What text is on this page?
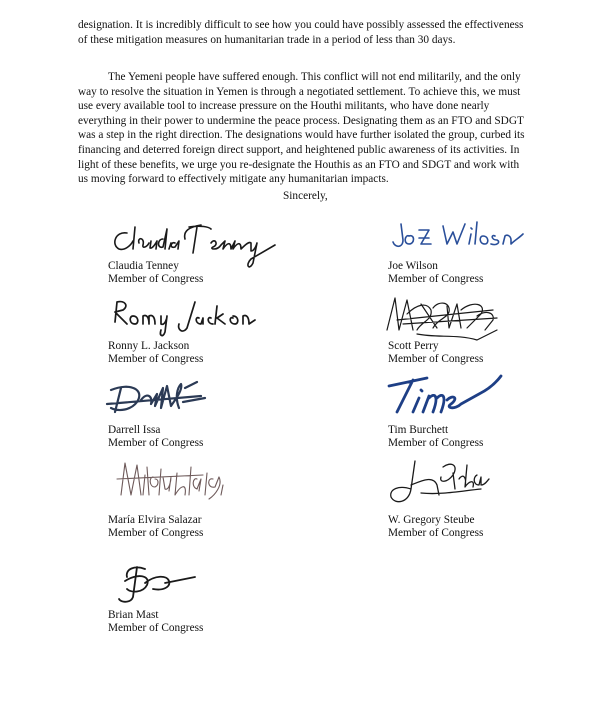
designation. It is incredibly difficult to see how you could have possibly assessed the effectiveness of these mitigation measures on humanitarian trade in a period of less than 30 days.

The Yemeni people have suffered enough. This conflict will not end militarily, and the only way to resolve the situation in Yemen is through a negotiated settlement. To achieve this, we must use every available tool to increase pressure on the Houthi militants, who have done nearly everything in their power to undermine the peace process. Designating them as an FTO and SDGT was a step in the right direction. The designations would have further isolated the group, curbed its financing and deterred foreign direct support, and heightened public awareness of its activities. In light of these benefits, we urge you re-designate the Houthis as an FTO and SDGT and work with us moving forward to effectively mitigate any humanitarian impacts.

Sincerely,
Claudia Tenney
Member of Congress
Joe Wilson
Member of Congress
Ronny L. Jackson
Member of Congress
Scott Perry
Member of Congress
Darrell Issa
Member of Congress
Tim Burchett
Member of Congress
María Elvira Salazar
Member of Congress
W. Gregory Steube
Member of Congress
Brian Mast
Member of Congress
